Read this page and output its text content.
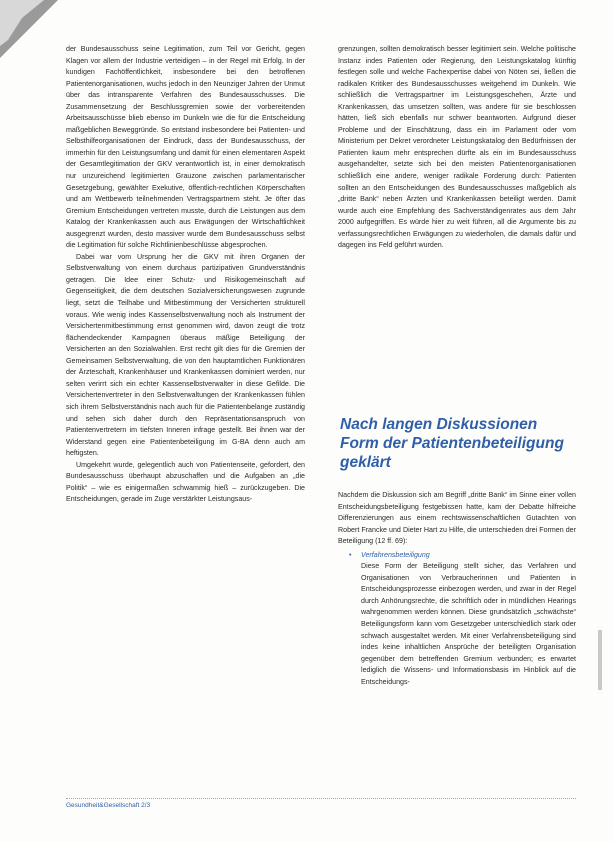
der Bundesausschuss seine Legitimation, zum Teil vor Gericht, gegen Klagen vor allem der Industrie verteidigen – in der Regel mit Erfolg. In der kundigen Fachöffentlichkeit, insbesondere bei den betroffenen Patientenorganisationen, wuchs jedoch in den Neunziger Jahren der Unmut über das intransparente Verfahren des Bundesausschusses. Die Zusammensetzung der Beschlussgremien sowie der vorbereitenden Arbeitsausschüsse blieb ebenso im Dunkeln wie die für die Entscheidung maßgeblichen Beweggründe. So entstand insbesondere bei Patienten- und Selbsthilfeorganisationen der Eindruck, dass der Bundesausschuss, der immerhin für den Leistungsumfang und damit für einen elementaren Aspekt der Gesamtlegitimation der GKV verantwortlich ist, in einer demokratisch nur unzureichend legitimierten Grauzone zwischen parlamentarischer Gesetzgebung, gewählter Exekutive, öffentlich-rechtlichen Körperschaften und am Wettbewerb teilnehmenden Vertragspartnern steht. Je öfter das Gremium Entscheidungen vertreten musste, durch die Leistungen aus dem Katalog der Krankenkassen auch aus Erwägungen der Wirtschaftlichkeit ausgegrenzt wurden, desto massiver wurde dem Bundesausschuss selbst die Legitimation für solche Richtlinienbeschlüsse abgesprochen.

Dabei war vom Ursprung her die GKV mit ihren Organen der Selbstverwaltung von einem durchaus partizipativen Grundverständnis getragen. Die Idee einer Schutz- und Risikogemeinschaft auf Gegenseitigkeit, die dem deutschen Sozialversicherungswesen zugrunde liegt, setzt die Teilhabe und Mitbestimmung der Versicherten strukturell voraus. Wie wenig indes Kassenselbstverwaltung noch als Instrument der Versichertenmitbestimmung ernst genommen wird, davon zeugt die trotz flächendeckender Kampagnen überaus mäßige Beteiligung der Versicherten an den Sozialwahlen. Erst recht gilt dies für die Gremien der Gemeinsamen Selbstverwaltung, die von den hauptamtlichen Funktionären der Ärzteschaft, Krankenhäuser und Krankenkassen dominiert werden, nur selten verirrt sich ein echter Kassenselbstverwalter in diese Gefilde. Die Versichertenvertreter in den Selbstverwaltungen der Krankenkassen fühlen sich ihrem Selbstverständnis nach auch für die Patientenbelange zuständig und sehen sich daher durch den Repräsentationsanspruch von Patientenvertretern im tiefsten Inneren infrage gestellt. Bei ihnen war der Widerstand gegen eine Patientenbeteiligung im G-BA denn auch am heftigsten.

Umgekehrt wurde, gelegentlich auch von Patientenseite, gefordert, den Bundesausschuss überhaupt abzuschaffen und die Aufgaben an „die Politik“ – wie es einigermaßen schwammig hieß – zurückzugeben. Die Entscheidungen, gerade im Zuge verstärkter Leistungsaus-

grenzungen, sollten demokratisch besser legitimiert sein. Welche politische Instanz indes Patienten oder Regierung, den Leistungskatalog künftig festlegen solle und welche Fachexpertise dabei von Nöten sei, ließen die radikalen Kritiker des Bundesausschusses weitgehend im Dunkeln. Wie schließlich die Vertragspartner im Leistungsgeschehen, Ärzte und Krankenkassen, das umsetzen sollten, was andere für sie beschlossen hätten, ließ sich ebenfalls nur schwer beantworten. Aufgrund dieser Probleme und der Einschätzung, dass ein im Parlament oder vom Ministerium per Dekret verordneter Leistungskatalog den Bedürfnissen der Patienten kaum mehr entsprechen dürfte als ein im Bundesausschuss ausgehandelter, setzte sich bei den meisten Patientenorganisationen schließlich eine andere, weniger radikale Forderung durch: Patienten sollten an den Entscheidungen des Bundesausschusses maßgeblich als „dritte Bank“ neben Ärzten und Krankenkassen beteiligt werden. Damit wurde auch eine Empfehlung des Sachverständigenrates aus dem Jahr 2000 aufgegriffen. Es würde hier zu weit führen, all die Argumente bis zu verfassungsrechtlichen Erwägungen zu wiederholen, die damals dafür und dagegen ins Feld geführt wurden.

Nach langen Diskussionen Form der Patientenbeteiligung geklärt

Nachdem die Diskussion sich am Begriff „dritte Bank“ im Sinne einer vollen Entscheidungsbeteiligung festgebissen hatte, kam der Debatte hilfreiche Differenzierungen aus einem rechtswissenschaftlichen Gutachten von Robert Francke und Dieter Hart zu Hilfe, die unterschieden drei Formen der Beteiligung (12 ff. 69):

• Verfahrensbeteiligung
Diese Form der Beteiligung stellt sicher, das Verfahren und Organisationen von Verbraucherinnen und Patienten in Entscheidungsprozesse einbezogen werden, und zwar in der Regel durch Anhörungsrechte, die schriftlich oder in mündlichen Hearings wahrgenommen werden können. Diese grundsätzlich „schwächste“ Beteiligungsform kann vom Gesetzgeber unterschiedlich stark oder schwach ausgestaltet werden. Mit einer Verfahrensbeteiligung sind indes keine inhaltlichen Ansprüche der beteiligten Organisation gegenüber dem betreffenden Gremium verbunden; es erwartet lediglich die Wissens- und Informationsbasis im Hinblick auf die Entscheidungs-
Gesundheit&Gesellschaft 2/3
